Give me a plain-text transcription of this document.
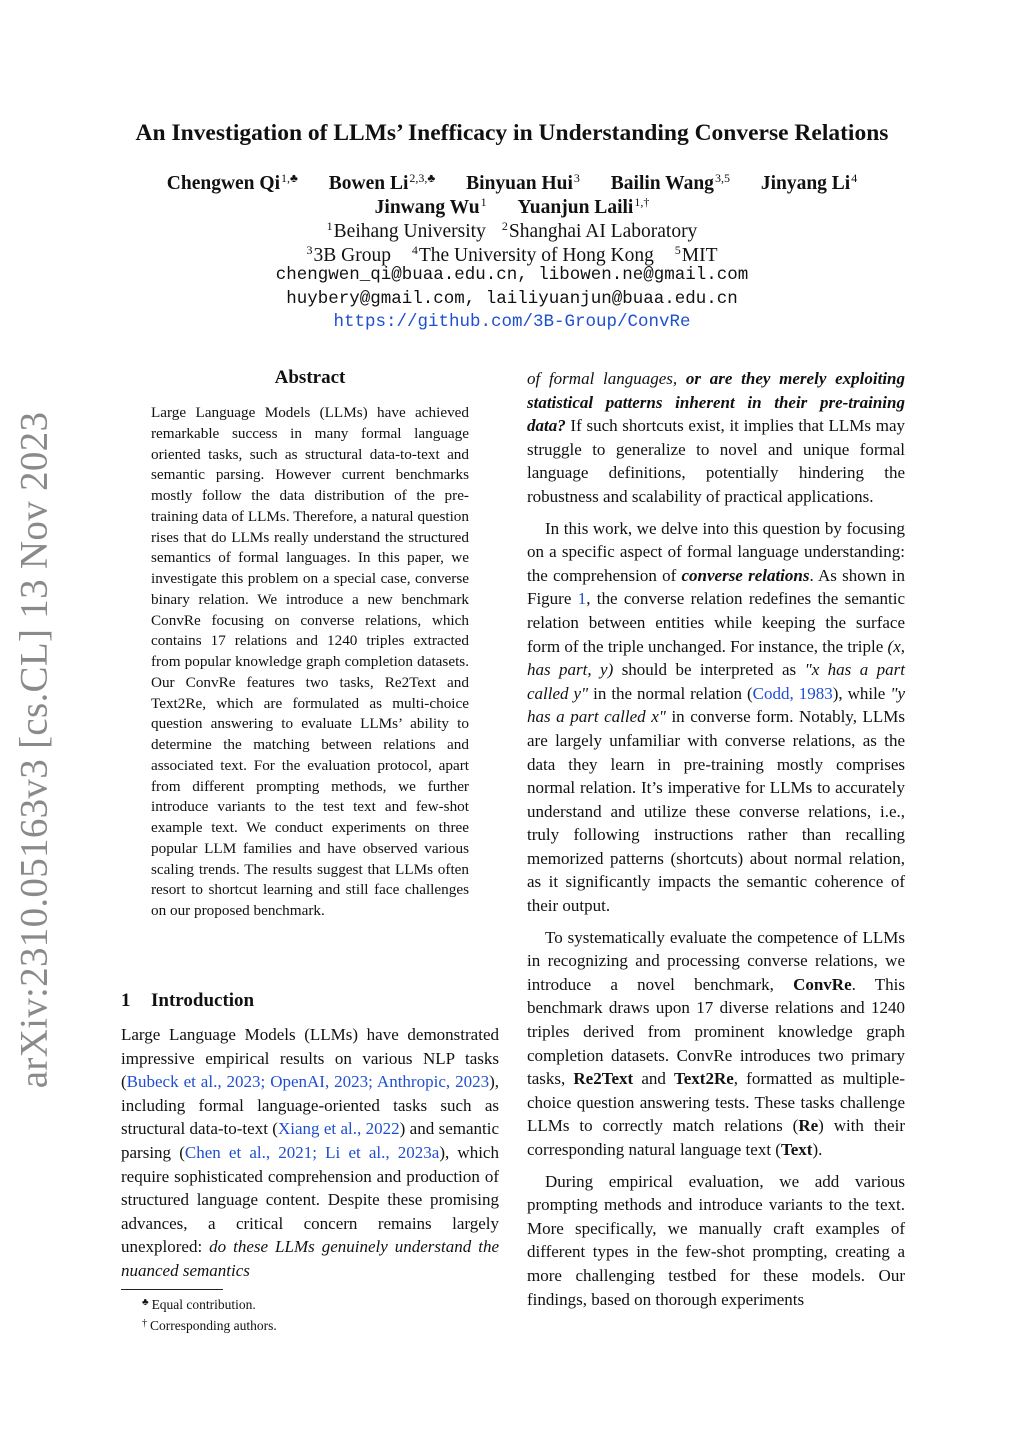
arXiv:2310.05163v3 [cs.CL] 13 Nov 2023
An Investigation of LLMs’ Inefficacy in Understanding Converse Relations
Chengwen $Qi^{1,♣}$ Bowen $Li^{2,3,♣}$ Binyuan Hui$^3$ Bailin Wang$^{3,5}$ Jinyang Li$^4$
Jinwang Wu$^1$ Yuanjun Laili$^{1,\dagger}$
$^1$Beihang University $^2$Shanghai AI Laboratory
$^3$3B Group $^4$The University of Hong Kong $^5$MIT
chengwen_qi@buaa.edu.cn, libowen.ne@gmail.com
huybery@gmail.com, lailiyuanjun@buaa.edu.cn
https://github.com/3B-Group/ConvRe
Abstract
Large Language Models (LLMs) have achieved remarkable success in many formal language oriented tasks, such as structural data-to-text and semantic parsing. However current benchmarks mostly follow the data distribution of the pre-training data of LLMs. Therefore, a natural question rises that do LLMs really understand the structured semantics of formal languages. In this paper, we investigate this problem on a special case, converse binary relation. We introduce a new benchmark ConvRe focusing on converse relations, which contains 17 relations and 1240 triples extracted from popular knowledge graph completion datasets. Our ConvRe features two tasks, Re2Text and Text2Re, which are formulated as multi-choice question answering to evaluate LLMs’ ability to determine the matching between relations and associated text. For the evaluation protocol, apart from different prompting methods, we further introduce variants to the test text and few-shot example text. We conduct experiments on three popular LLM families and have observed various scaling trends. The results suggest that LLMs often resort to shortcut learning and still face challenges on our proposed benchmark.
1 Introduction
Large Language Models (LLMs) have demonstrated impressive empirical results on various NLP tasks (Bubeck et al., 2023; OpenAI, 2023; Anthropic, 2023), including formal language-oriented tasks such as structural data-to-text (Xiang et al., 2022) and semantic parsing (Chen et al., 2021; Li et al., 2023a), which require sophisticated comprehension and production of structured language content. Despite these promising advances, a critical concern remains largely unexplored: do these LLMs genuinely understand the nuanced semantics
of formal languages, or are they merely exploiting statistical patterns inherent in their pre-training data? If such shortcuts exist, it implies that LLMs may struggle to generalize to novel and unique formal language definitions, potentially hindering the robustness and scalability of practical applications.
In this work, we delve into this question by focusing on a specific aspect of formal language understanding: the comprehension of converse relations. As shown in Figure 1, the converse relation redefines the semantic relation between entities while keeping the surface form of the triple unchanged. For instance, the triple (x, has part, y) should be interpreted as "x has a part called y" in the normal relation (Codd, 1983), while "y has a part called x" in converse form. Notably, LLMs are largely unfamiliar with converse relations, as the data they learn in pre-training mostly comprises normal relation. It’s imperative for LLMs to accurately understand and utilize these converse relations, i.e., truly following instructions rather than recalling memorized patterns (shortcuts) about normal relation, as it significantly impacts the semantic coherence of their output.
To systematically evaluate the competence of LLMs in recognizing and processing converse relations, we introduce a novel benchmark, ConvRe. This benchmark draws upon 17 diverse relations and 1240 triples derived from prominent knowledge graph completion datasets. ConvRe introduces two primary tasks, Re2Text and Text2Re, formatted as multiple-choice question answering tests. These tasks challenge LLMs to correctly match relations (Re) with their corresponding natural language text (Text).
During empirical evaluation, we add various prompting methods and introduce variants to the text. More specifically, we manually craft examples of different types in the few-shot prompting, creating a more challenging testbed for these models. Our findings, based on thorough experiments
♣ Equal contribution.
† Corresponding authors.
